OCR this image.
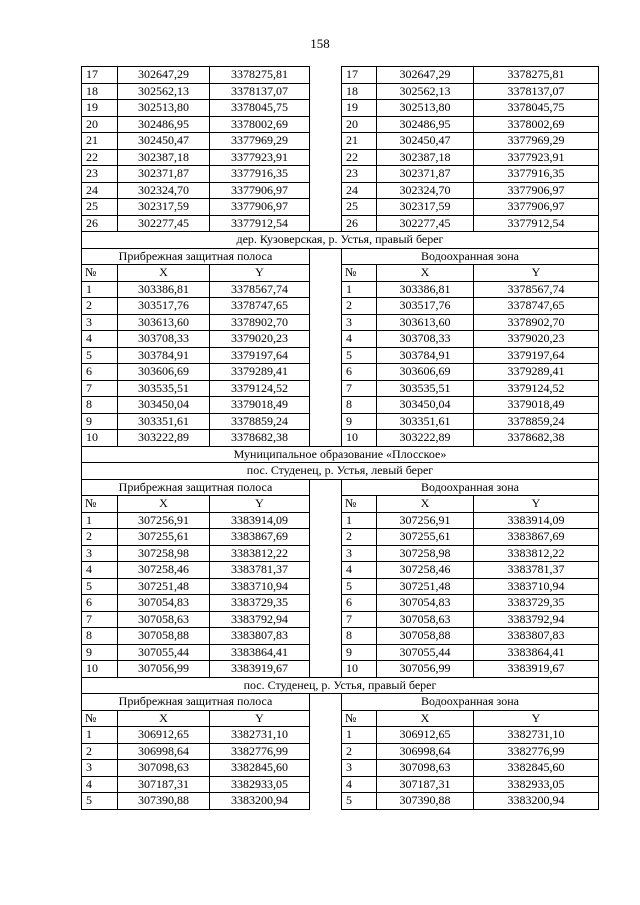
158
17	302647,29	3378275,81		17	302647,29	3378275,81
18	302562,13	3378137,07		18	302562,13	3378137,07
19	302513,80	3378045,75		19	302513,80	3378045,75
20	302486,95	3378002,69		20	302486,95	3378002,69
21	302450,47	3377969,29		21	302450,47	3377969,29
22	302387,18	3377923,91		22	302387,18	3377923,91
23	302371,87	3377916,35		23	302371,87	3377916,35
24	302324,70	3377906,97		24	302324,70	3377906,97
25	302317,59	3377906,97		25	302317,59	3377906,97
26	302277,45	3377912,54		26	302277,45	3377912,54
дер. Кузоверская, р. Устья, правый берег						
Прибрежная защитная полоса				Водоохранная зона		
№	X	Y		№	X	Y
1	303386,81	3378567,74		1	303386,81	3378567,74
2	303517,76	3378747,65		2	303517,76	3378747,65
3	303613,60	3378902,70		3	303613,60	3378902,70
4	303708,33	3379020,23		4	303708,33	3379020,23
5	303784,91	3379197,64		5	303784,91	3379197,64
6	303606,69	3379289,41		6	303606,69	3379289,41
7	303535,51	3379124,52		7	303535,51	3379124,52
8	303450,04	3379018,49		8	303450,04	3379018,49
9	303351,61	3378859,24		9	303351,61	3378859,24
10	303222,89	3378682,38		10	303222,89	3378682,38
Муниципальное образование «Плосское»						
пос. Студенец, р. Устья, левый берег						
Прибрежная защитная полоса				Водоохранная зона		
№	X	Y		№	X	Y
1	307256,91	3383914,09		1	307256,91	3383914,09
2	307255,61	3383867,69		2	307255,61	3383867,69
3	307258,98	3383812,22		3	307258,98	3383812,22
4	307258,46	3383781,37		4	307258,46	3383781,37
5	307251,48	3383710,94		5	307251,48	3383710,94
6	307054,83	3383729,35		6	307054,83	3383729,35
7	307058,63	3383792,94		7	307058,63	3383792,94
8	307058,88	3383807,83		8	307058,88	3383807,83
9	307055,44	3383864,41		9	307055,44	3383864,41
10	307056,99	3383919,67		10	307056,99	3383919,67
пос. Студенец, р. Устья, правый берег						
Прибрежная защитная полоса				Водоохранная зона		
№	X	Y		№	X	Y
1	306912,65	3382731,10		1	306912,65	3382731,10
2	306998,64	3382776,99		2	306998,64	3382776,99
3	307098,63	3382845,60		3	307098,63	3382845,60
4	307187,31	3382933,05		4	307187,31	3382933,05
5	307390,88	3383200,94		5	307390,88	3383200,94
